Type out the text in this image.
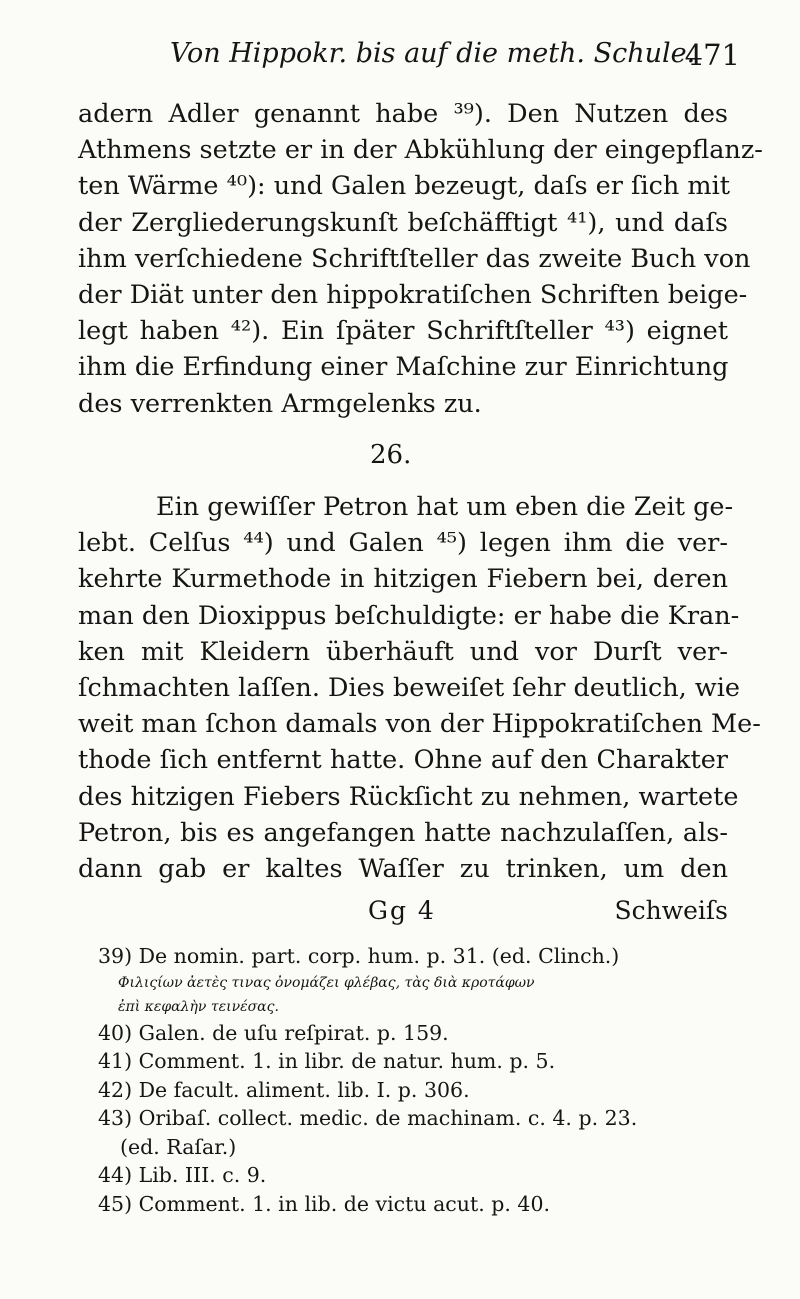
Von Hippokr. bis auf die meth. Schule.
471
adern Adler genannt habe ³⁹). Den Nutzen des
Athmens setzte er in der Abkühlung der eingepflanz-
ten Wärme ⁴⁰): und Galen bezeugt, daſs er ſich mit
der Zergliederungskunſt beſchäfftigt ⁴¹), und daſs
ihm verſchiedene Schriftſteller das zweite Buch von
der Diät unter den hippokratiſchen Schriften beige-
legt haben ⁴²). Ein ſpäter Schriftſteller ⁴³) eignet
ihm die Erfindung einer Maſchine zur Einrichtung
des verrenkten Armgelenks zu.
26.
Ein gewiſſer Petron hat um eben die Zeit ge-
lebt. Celſus ⁴⁴) und Galen ⁴⁵) legen ihm die ver-
kehrte Kurmethode in hitzigen Fiebern bei, deren
man den Dioxippus beſchuldigte: er habe die Kran-
ken mit Kleidern überhäuft und vor Durſt ver-
ſchmachten laſſen. Dies beweiſet ſehr deutlich, wie
weit man ſchon damals von der Hippokratiſchen Me-
thode ſich entfernt hatte. Ohne auf den Charakter
des hitzigen Fiebers Rückſicht zu nehmen, wartete
Petron, bis es angefangen hatte nachzulaſſen, als-
dann gab er kaltes Waſſer zu trinken, um den
Gg 4	Schweiſs
39) De nomin. part. corp. hum. p. 31. (ed. Clinch.)
Φιλιςίων ἀετὲς τινας ὀνομάζει φλέβας, τὰς διὰ κροτάφων
ἐπὶ κεφαλὴν τεινέσας.
40) Galen. de uſu reſpirat. p. 159.
41) Comment. 1. in libr. de natur. hum. p. 5.
42) De facult. aliment. lib. I. p. 306.
43) Oribaſ. collect. medic. de machinam. c. 4. p. 23.
(ed. Raſar.)
44) Lib. III. c. 9.
45) Comment. 1. in lib. de victu acut. p. 40.
